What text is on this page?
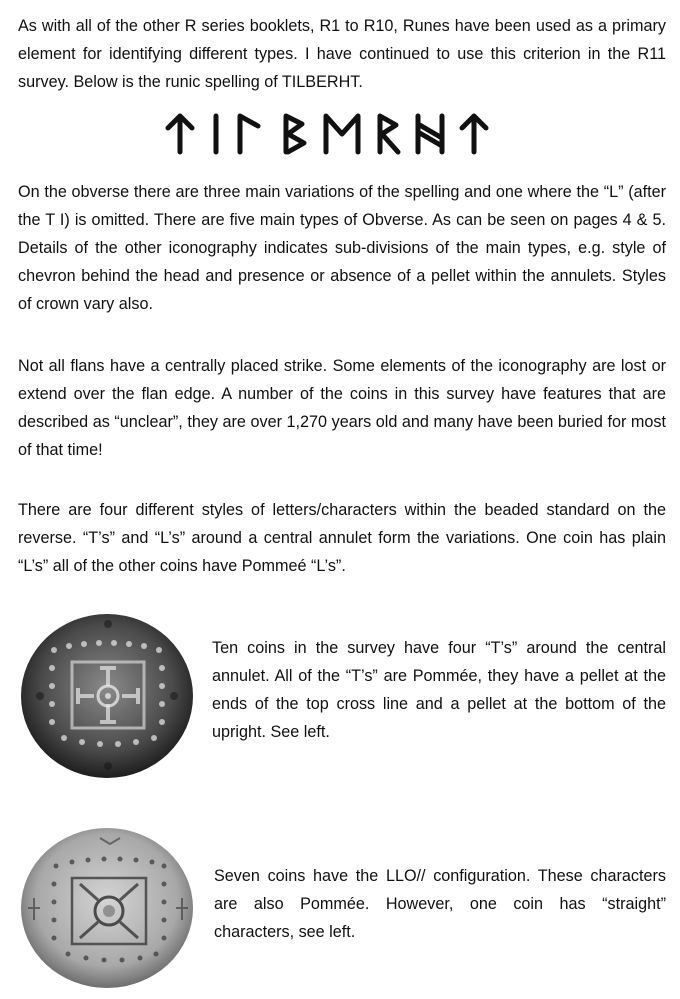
As with all of the other R series booklets, R1 to R10, Runes have been used as a primary element for identifying different types. I have continued to use this criterion in the R11 survey. Below is the runic spelling of TILBERHT.

On the obverse there are three main variations of the spelling and one where the “L” (after the T I) is omitted. There are five main types of Obverse. As can be seen on pages 4 & 5. Details of the other iconography indicates sub-divisions of the main types, e.g. style of chevron behind the head and presence or absence of a pellet within the annulets. Styles of crown vary also.

Not all flans have a centrally placed strike. Some elements of the iconography are lost or extend over the flan edge. A number of the coins in this survey have features that are described as “unclear”, they are over 1,270 years old and many have been buried for most of that time!

There are four different styles of letters/characters within the beaded standard on the reverse. “T’s” and “L’s” around a central annulet form the variations. One coin has plain “L’s” all of the other coins have Pommeé “L’s”.

Ten coins in the survey have four “T’s” around the central annulet. All of the “T’s” are Pommée, they have a pellet at the ends of the top cross line and a pellet at the bottom of the upright. See left.

Seven coins have the LLO// configuration. These characters are also Pommée. However, one coin has “straight” characters, see left.
